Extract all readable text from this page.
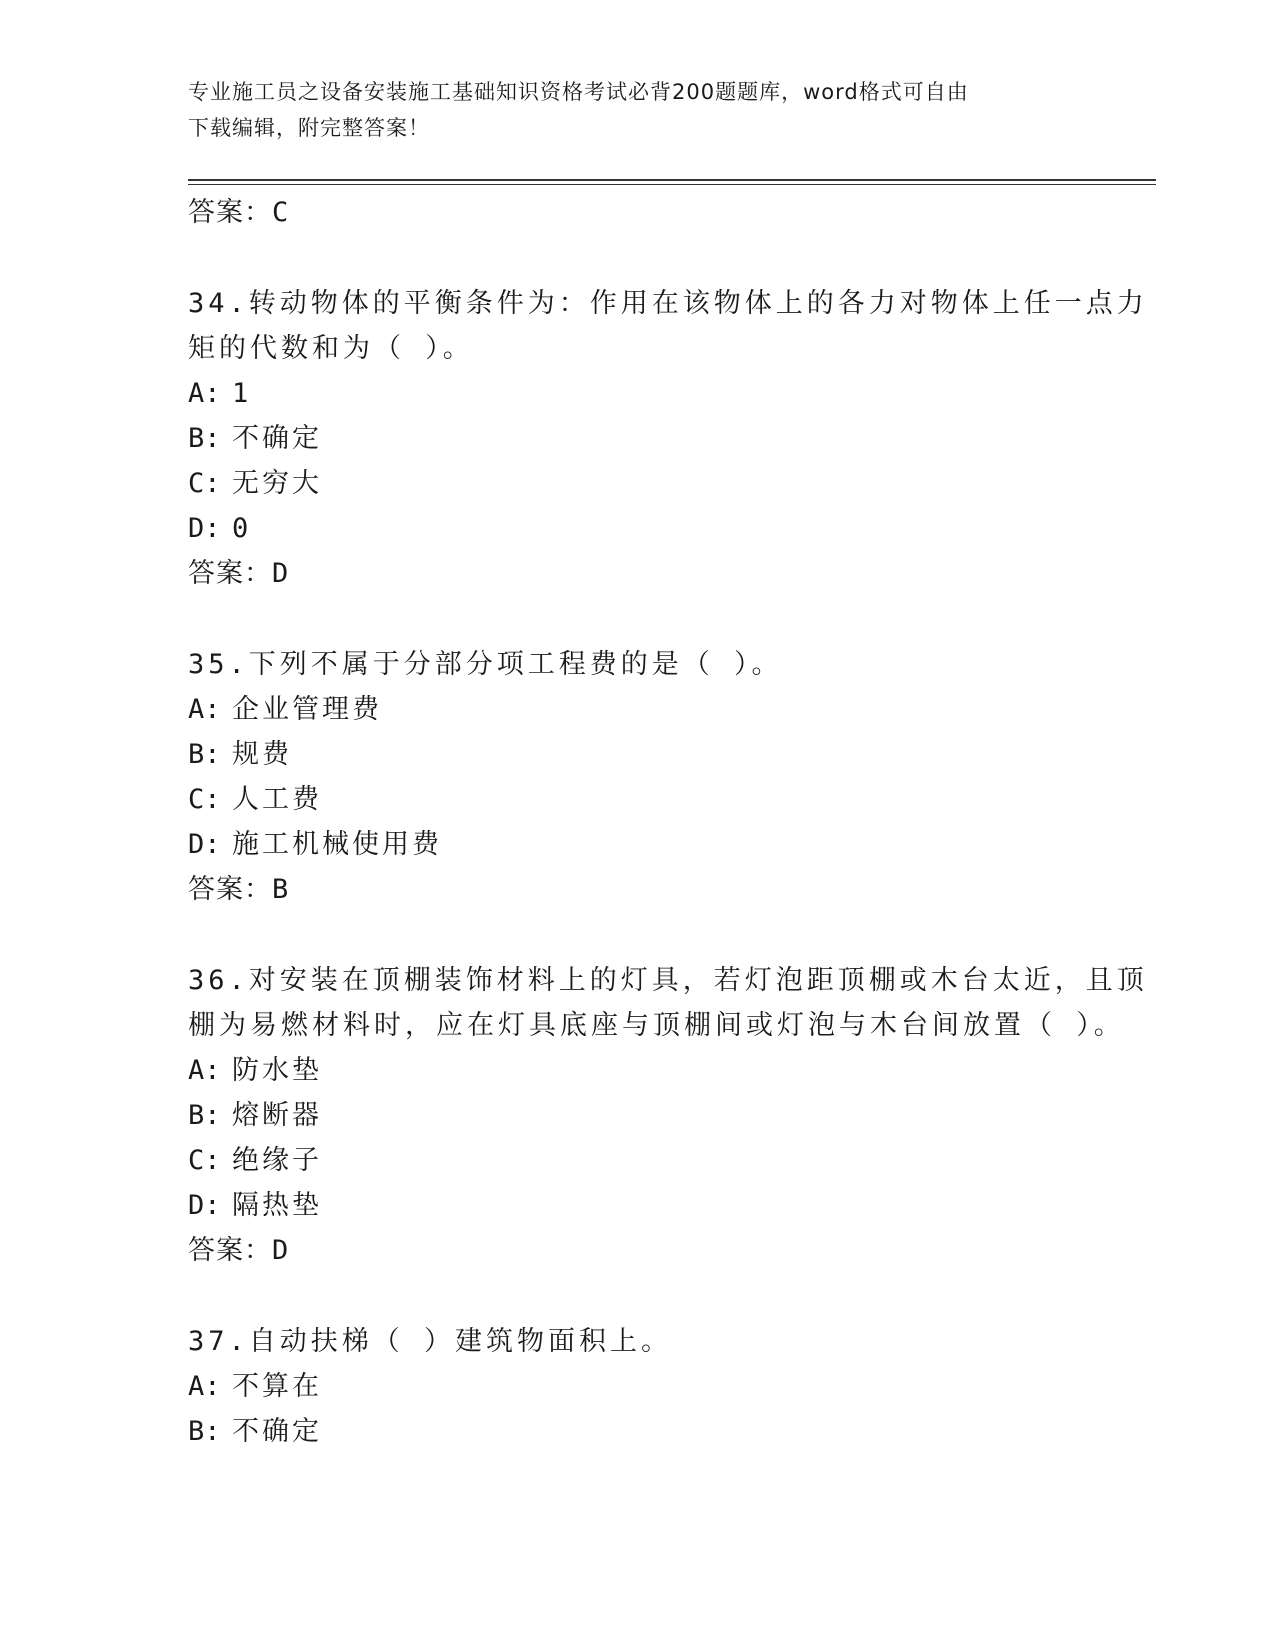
专业施工员之设备安装施工基础知识资格考试必背200题题库，word格式可自由
下载编辑，附完整答案！
答案：C
34.转动物体的平衡条件为：作用在该物体上的各力对物体上任一点力
矩的代数和为（ ）。
A: 1
B: 不确定
C: 无穷大
D: 0
答案：D
35.下列不属于分部分项工程费的是（ ）。
A: 企业管理费
B: 规费
C: 人工费
D: 施工机械使用费
答案：B
36.对安装在顶棚装饰材料上的灯具，若灯泡距顶棚或木台太近，且顶
棚为易燃材料时，应在灯具底座与顶棚间或灯泡与木台间放置（ ）。
A: 防水垫
B: 熔断器
C: 绝缘子
D: 隔热垫
答案：D
37.自动扶梯（ ）建筑物面积上。
A: 不算在
B: 不确定
